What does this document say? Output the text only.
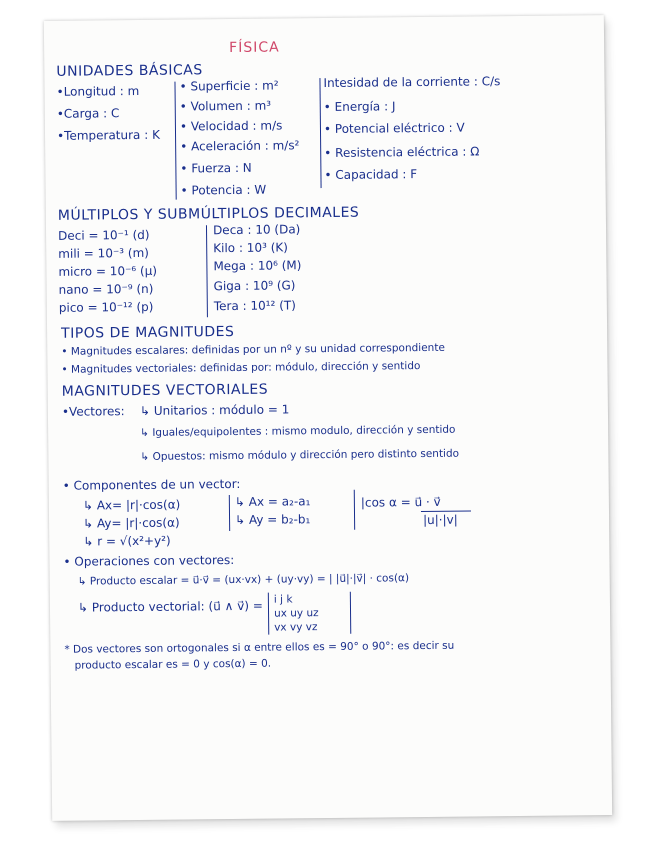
FÍSICA
UNIDADES BÁSICAS
•Longitud : m
•Carga : C
•Temperatura : K
• Superficie : m²
• Volumen : m³
• Velocidad : m/s
• Aceleración : m/s²
• Fuerza : N
• Potencia : W
Intesidad de la corriente : C/s
• Energía : J
• Potencial eléctrico : V
• Resistencia eléctrica : Ω
• Capacidad : F
MÚLTIPLOS Y SUBMÚLTIPLOS DECIMALES
Deci = 10⁻¹ (d)
mili = 10⁻³ (m)
micro = 10⁻⁶ (μ)
nano = 10⁻⁹ (n)
pico = 10⁻¹² (p)
Deca : 10 (Da)
Kilo : 10³ (K)
Mega : 10⁶ (M)
Giga : 10⁹ (G)
Tera : 10¹² (T)
TIPOS DE MAGNITUDES
• Magnitudes escalares: definidas por un nº y su unidad correspondiente
• Magnitudes vectoriales: definidas por: módulo, dirección y sentido
MAGNITUDES VECTORIALES
•Vectores: ↳ Unitarios : módulo = 1
↳ Iguales/equipolentes : mismo modulo, dirección y sentido
↳ Opuestos: mismo módulo y dirección pero distinto sentido
• Componentes de un vector:
↳ Ax= |r|·cos(α)
↳ Ay= |r|·cos(α)
↳ r = √(x²+y²)
↳ Ax = a₂-a₁
↳ Ay = b₂-b₁
|cos α = u⃗ · v⃗
|u|·|v|
• Operaciones con vectores:
↳ Producto escalar = u⃗·v⃗ = (ux·vx) + (uy·vy) = | |u⃗|·|v⃗| · cos(α)
↳ Producto vectorial: (u⃗ ∧ v⃗) = i j k
ux uy uz
vx vy vz
* Dos vectores son ortogonales si α entre ellos es = 90° o 90°: es decir su
producto escalar es = 0 y cos(α) = 0.
